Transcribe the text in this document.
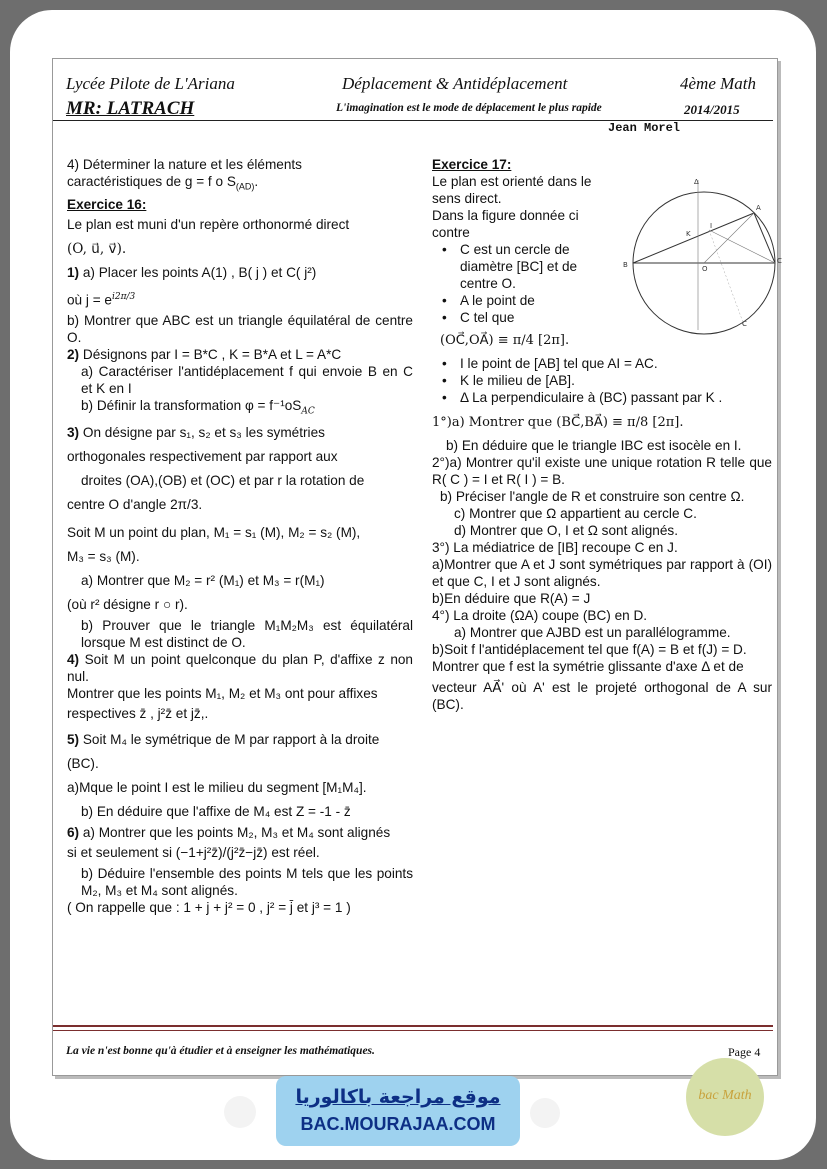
Lycée Pilote de L'Ariana	Déplacement & Antidéplacement	4ème Math
MR: LATRACH	L'imagination est le mode de déplacement le plus rapide	2014/2015
Jean Morel

4) Déterminer la nature et les éléments

caractéristiques de g = f o $S_{(AD)}$.

Exercice 16:

Le plan est muni d'un repère orthonormé direct

(O, u⃗, v⃗).

1) a) Placer les points A(1) , B( j ) et C( j²)

où $j = e^{i2\pi/3}$

b) Montrer que ABC est un triangle équilatéral de centre O.

2) Désignons par I = B*C , K = B*A et L = A*C

a) Caractériser l'antidéplacement f qui envoie B en C et K en I

b) Définir la transformation $\varphi = f^{-1}oS_{AC}$

3) On désigne par s₁, s₂ et s₃ les symétries

orthogonales respectivement par rapport aux

droites (OA),(OB) et (OC) et par r la rotation de

centre O d'angle 2π/3.

Soit M un point du plan, M₁ = s₁ (M), M₂ = s₂ (M),

M₃ = s₃ (M).

a) Montrer que M₂ = r² (M₁) et M₃ = r(M₁)

(où r² désigne r ○ r).

b) Prouver que le triangle M₁M₂M₃ est équilatéral lorsque M est distinct de O.

4) Soit M un point quelconque du plan P, d'affixe z non nul.

Montrer que les points M₁, M₂ et M₃ ont pour affixes

respectives z̄ , j²z̄ et jz̄,.

5) Soit M₄ le symétrique de M par rapport à la droite

(BC).

a)Mque le point I est le milieu du segment [M₁M₄].

b) En déduire que l'affixe de M₄ est Z = -1 - z̄

6) a) Montrer que les points M₂, M₃ et M₄ sont alignés

si et seulement si (−1+j²z̄)/(j²z̄−jz̄) est réel.

b) Déduire l'ensemble des points M tels que les points M₂, M₃ et M₄ sont alignés.

( On rappelle que : 1 + j + j² = 0 , j² = j̄ et j³ = 1 )

Exercice 17:

Le plan est orienté dans le

sens direct.

Dans la figure donnée ci

contre

• C est un cercle de

diamètre [BC] et de

centre O.

• A le point de

• C tel que

(OC⃗,OA⃗) ≡ π/4 [2π].

• I le point de [AB] tel que AI = AC.

• K le milieu de [AB].

• Δ La perpendiculaire à (BC) passant par K .

1°)a) Montrer que (BC⃗,BA⃗) ≡ π/8 [2π].

b) En déduire que le triangle IBC est isocèle en I.

2°)a) Montrer qu'il existe une unique rotation R telle que R( C ) = I et R( I ) = B.

b) Préciser l'angle de R et construire son centre Ω.

c) Montrer que Ω appartient au cercle C.

d) Montrer que O, I et Ω sont alignés.

3°) La médiatrice de [IB] recoupe C en J.

a)Montrer que A et J sont symétriques par rapport à (OI) et que C, I et J sont alignés.

b)En déduire que R(A) = J

4°) La droite (ΩA) coupe (BC) en D.

a) Montrer que AJBD est un parallélogramme.

b)Soit f l'antidéplacement tel que f(A) = B et f(J) = D.

Montrer que f est la symétrie glissante d'axe Δ et de

vecteur AA⃗' où A' est le projeté orthogonal de A sur (BC).

Δ
A
B	C
O
I
K
C
La vie n'est bonne qu'à étudier et à enseigner les mathématiques.	Page 4
موقع مراجعة باكالوريا
BAC.MOURAJAA.COM
bac Math
